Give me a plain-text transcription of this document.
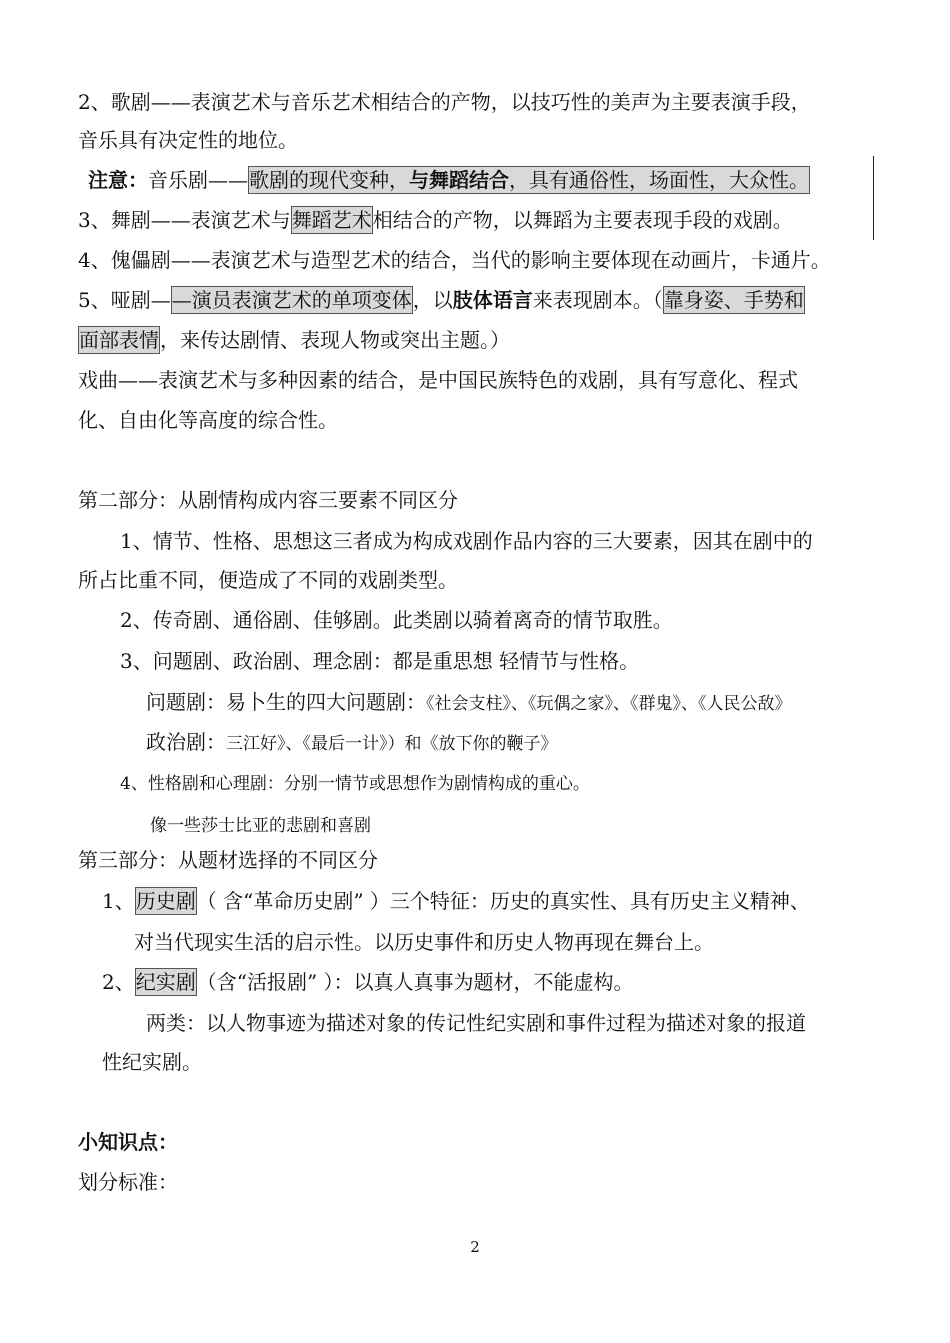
2、歌剧——表演艺术与音乐艺术相结合的产物，以技巧性的美声为主要表演手段，
音乐具有决定性的地位。
注意：音乐剧——歌剧的现代变种，与舞蹈结合，具有通俗性，场面性，大众性。
3、舞剧——表演艺术与舞蹈艺术相结合的产物，以舞蹈为主要表现手段的戏剧。
4、傀儡剧——表演艺术与造型艺术的结合，当代的影响主要体现在动画片，卡通片。
5、哑剧——演员表演艺术的单项变体，以肢体语言来表现剧本。（靠身姿、手势和
面部表情，来传达剧情、表现人物或突出主题。）
戏曲——表演艺术与多种因素的结合，是中国民族特色的戏剧，具有写意化、程式
化、自由化等高度的综合性。
第二部分：从剧情构成内容三要素不同区分
1、情节、性格、思想这三者成为构成戏剧作品内容的三大要素，因其在剧中的
所占比重不同，便造成了不同的戏剧类型。
2、传奇剧、通俗剧、佳够剧。此类剧以骑着离奇的情节取胜。
3、问题剧、政治剧、理念剧：都是重思想 轻情节与性格。
问题剧：易卜生的四大问题剧：《社会支柱》、《玩偶之家》、《群鬼》、《人民公敌》
政治剧：三江好》、《最后一计》）和《放下你的鞭子》
4、性格剧和心理剧：分别一情节或思想作为剧情构成的重心。
像一些莎士比亚的悲剧和喜剧
第三部分：从题材选择的不同区分
1、历史剧（ 含“革命历史剧” ）三个特征：历史的真实性、具有历史主义精神、
对当代现实生活的启示性。以历史事件和历史人物再现在舞台上。
2、纪实剧（含“活报剧” ）：以真人真事为题材，不能虚构。
两类：以人物事迹为描述对象的传记性纪实剧和事件过程为描述对象的报道
性纪实剧。
小知识点：
划分标准：
2
